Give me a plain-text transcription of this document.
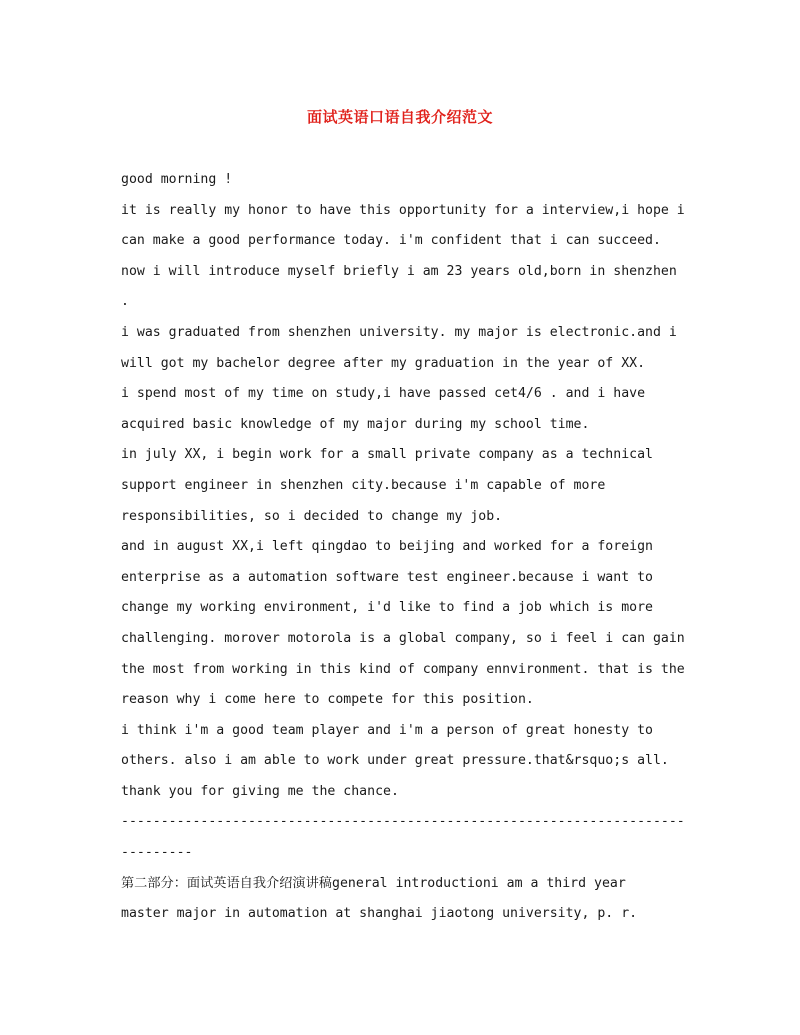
面试英语口语自我介绍范文
good morning !
it is really my honor to have this opportunity for a interview,i hope i
can make a good performance today. i'm confident that i can succeed.
now i will introduce myself briefly i am 23 years old,born in shenzhen
.
i was graduated from shenzhen university. my major is electronic.and i
will got my bachelor degree after my graduation in the year of XX.
i spend most of my time on study,i have passed cet4/6 . and i have
acquired basic knowledge of my major during my school time.
in july XX, i begin work for a small private company as a technical
support engineer in shenzhen city.because i'm capable of more
responsibilities, so i decided to change my job.
and in august XX,i left qingdao to beijing and worked for a foreign
enterprise as a automation software test engineer.because i want to
change my working environment, i'd like to find a job which is more
challenging. morover motorola is a global company, so i feel i can gain
the most from working in this kind of company ennvironment. that is the
reason why i come here to compete for this position.
i think i'm a good team player and i'm a person of great honesty to
others. also i am able to work under great pressure.that&rsquo;s all.
thank you for giving me the chance.
-----------------------------------------------------------------------
---------
第二部分：面试英语自我介绍演讲稿general introductioni am a third year
master major in automation at shanghai jiaotong university, p. r.
